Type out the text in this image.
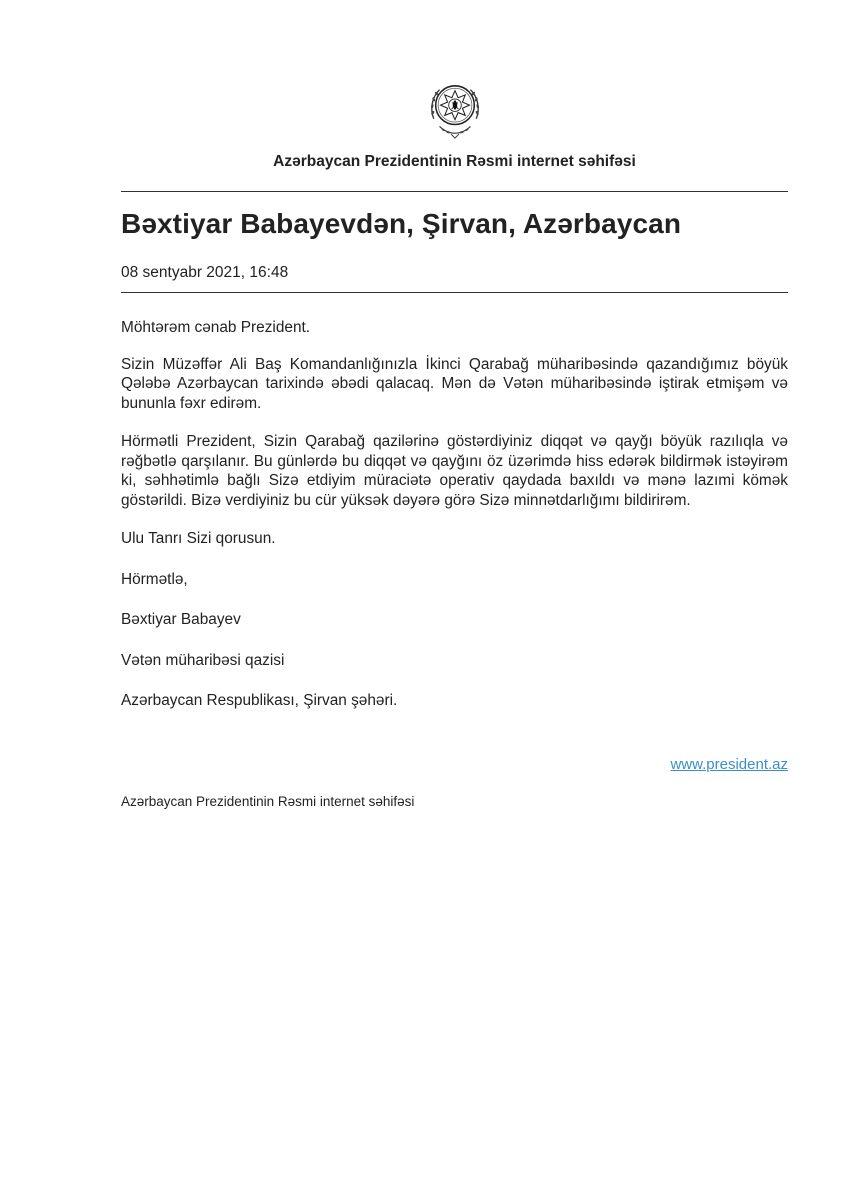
Azərbaycan Prezidentinin Rəsmi internet səhifəsi
Bəxtiyar Babayevdən, Şirvan, Azərbaycan
08 sentyabr 2021, 16:48

Möhtərəm cənab Prezident.

Sizin Müzəffər Ali Baş Komandanlığınızla İkinci Qarabağ müharibəsində qazandığımız böyük Qələbə Azərbaycan tarixində əbədi qalacaq. Mən də Vətən müharibəsində iştirak etmişəm və bununla fəxr edirəm.

Hörmətli Prezident, Sizin Qarabağ qazilərinə göstərdiyiniz diqqət və qayğı böyük razılıqla və rəğbətlə qarşılanır. Bu günlərdə bu diqqət və qayğını öz üzərimdə hiss edərək bildirmək istəyirəm ki, səhhətimlə bağlı Sizə etdiyim müraciətə operativ qaydada baxıldı və mənə lazımi kömək göstərildi. Bizə verdiyiniz bu cür yüksək dəyərə görə Sizə minnətdarlığımı bildirirəm.

Ulu Tanrı Sizi qorusun.

Hörmətlə,

Bəxtiyar Babayev

Vətən müharibəsi qazisi

Azərbaycan Respublikası, Şirvan şəhəri.

www.president.az
Azərbaycan Prezidentinin Rəsmi internet səhifəsi
